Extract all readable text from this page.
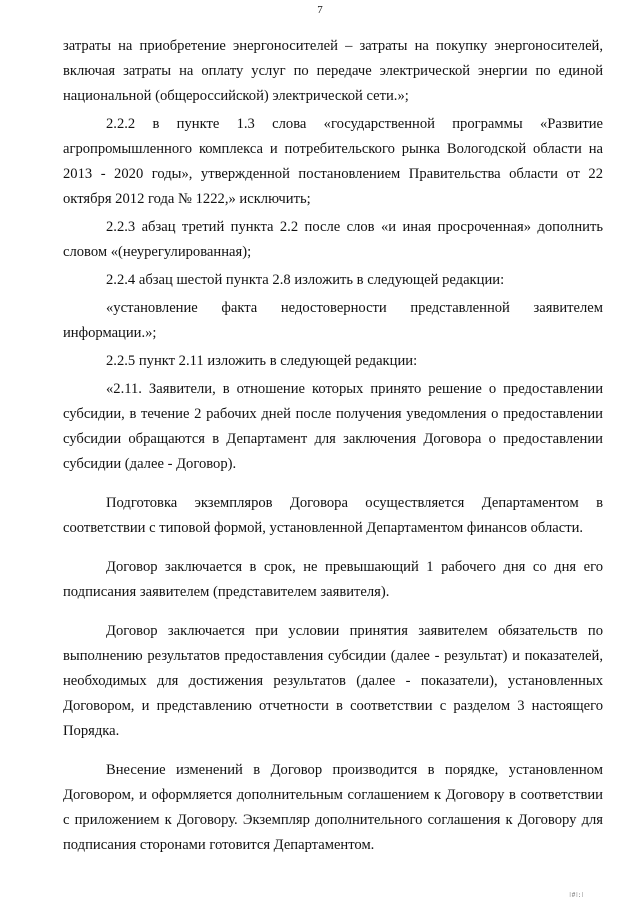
7

затраты на приобретение энергоносителей – затраты на покупку энергоносителей, включая затраты на оплату услуг по передаче электрической энергии по единой национальной (общероссийской) электрической сети.»;

2.2.2 в пункте 1.3 слова «государственной программы «Развитие агропромышленного комплекса и потребительского рынка Вологодской области на 2013 - 2020 годы», утвержденной постановлением Правительства области от 22 октября 2012 года № 1222,» исключить;

2.2.3 абзац третий пункта 2.2 после слов «и иная просроченная» дополнить словом «(неурегулированная);

2.2.4 абзац шестой пункта 2.8 изложить в следующей редакции:

«установление факта недостоверности представленной заявителем информации.»;

2.2.5 пункт 2.11 изложить в следующей редакции:

«2.11. Заявители, в отношение которых принято решение о предоставлении субсидии, в течение 2 рабочих дней после получения уведомления о предоставлении субсидии обращаются в Департамент для заключения Договора о предоставлении субсидии (далее - Договор).

Подготовка экземпляров Договора осуществляется Департаментом в соответствии с типовой формой, установленной Департаментом финансов области.

Договор заключается в срок, не превышающий 1 рабочего дня со дня его подписания заявителем (представителем заявителя).

Договор заключается при условии принятия заявителем обязательств по выполнению результатов предоставления субсидии (далее - результат) и показателей, необходимых для достижения результатов (далее - показатели), установленных Договором, и представлению отчетности в соответствии с разделом 3 настоящего Порядка.

Внесение изменений в Договор производится в порядке, установленном Договором, и оформляется дополнительным соглашением к Договору в соответствии с приложением к Договору. Экземпляр дополнительного соглашения к Договору для подписания сторонами готовится Департаментом.

ǀ#ǀ:ǀ
